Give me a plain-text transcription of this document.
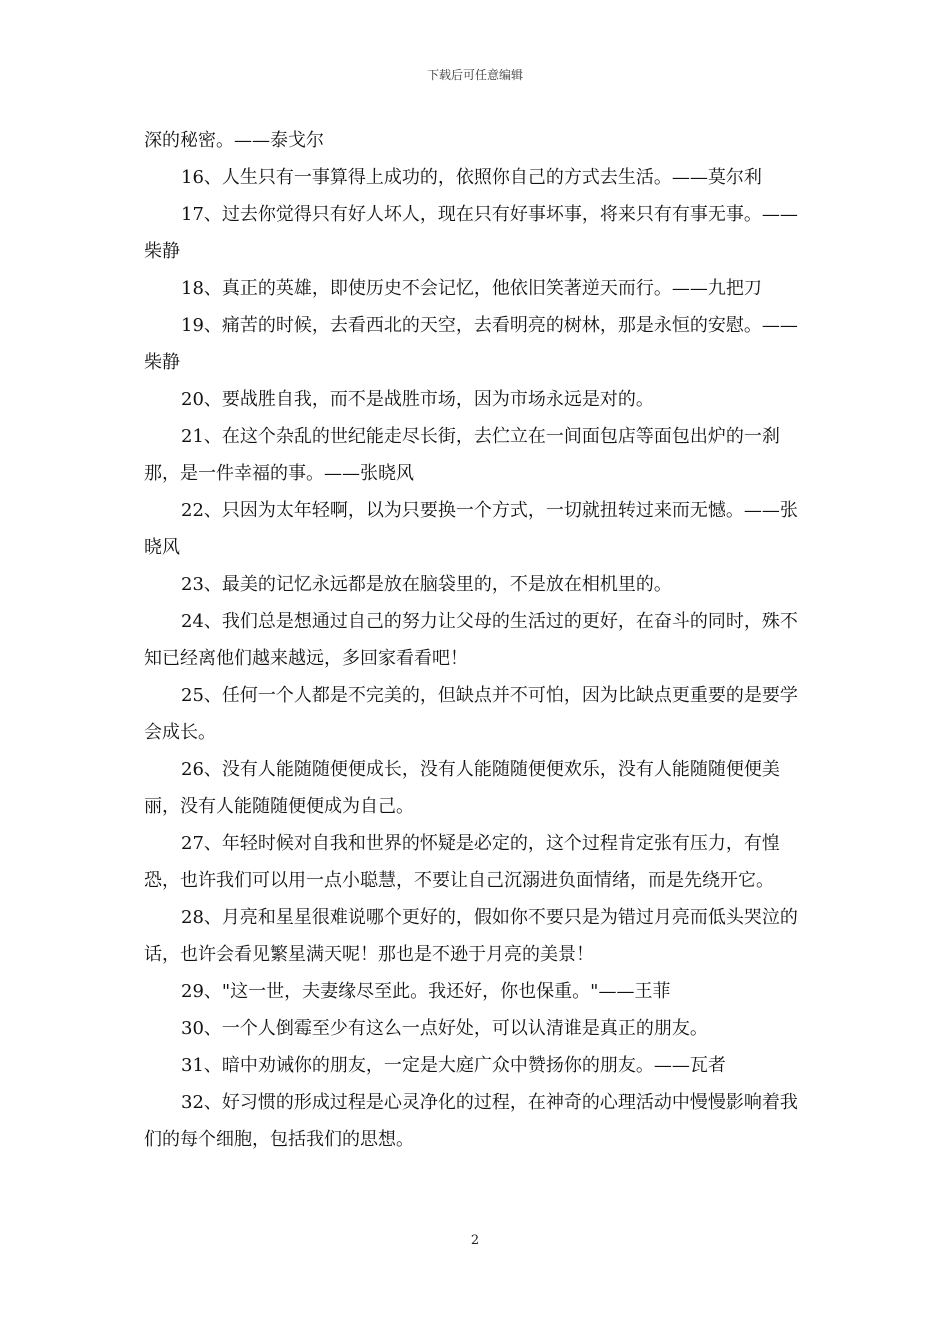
下载后可任意编辑

深的秘密。——泰戈尔

16、人生只有一事算得上成功的，依照你自己的方式去生活。——莫尔利

17、过去你觉得只有好人坏人，现在只有好事坏事，将来只有有事无事。——柴静

18、真正的英雄，即使历史不会记忆，他依旧笑著逆天而行。——九把刀

19、痛苦的时候，去看西北的天空，去看明亮的树林，那是永恒的安慰。——柴静

20、要战胜自我，而不是战胜市场，因为市场永远是对的。

21、在这个杂乱的世纪能走尽长街，去伫立在一间面包店等面包出炉的一刹那，是一件幸福的事。——张晓风

22、只因为太年轻啊，以为只要换一个方式，一切就扭转过来而无憾。——张晓风

23、最美的记忆永远都是放在脑袋里的，不是放在相机里的。

24、我们总是想通过自己的努力让父母的生活过的更好，在奋斗的同时，殊不知已经离他们越来越远，多回家看看吧！

25、任何一个人都是不完美的，但缺点并不可怕，因为比缺点更重要的是要学会成长。

26、没有人能随随便便成长，没有人能随随便便欢乐，没有人能随随便便美丽，没有人能随随便便成为自己。

27、年轻时候对自我和世界的怀疑是必定的，这个过程肯定张有压力，有惶恐，也许我们可以用一点小聪慧，不要让自己沉溺进负面情绪，而是先绕开它。

28、月亮和星星很难说哪个更好的，假如你不要只是为错过月亮而低头哭泣的话，也许会看见繁星满天呢！那也是不逊于月亮的美景！

29、"这一世，夫妻缘尽至此。我还好，你也保重。"——王菲

30、一个人倒霉至少有这么一点好处，可以认清谁是真正的朋友。

31、暗中劝诫你的朋友，一定是大庭广众中赞扬你的朋友。——瓦者

32、好习惯的形成过程是心灵净化的过程，在神奇的心理活动中慢慢影响着我们的每个细胞，包括我们的思想。

2
